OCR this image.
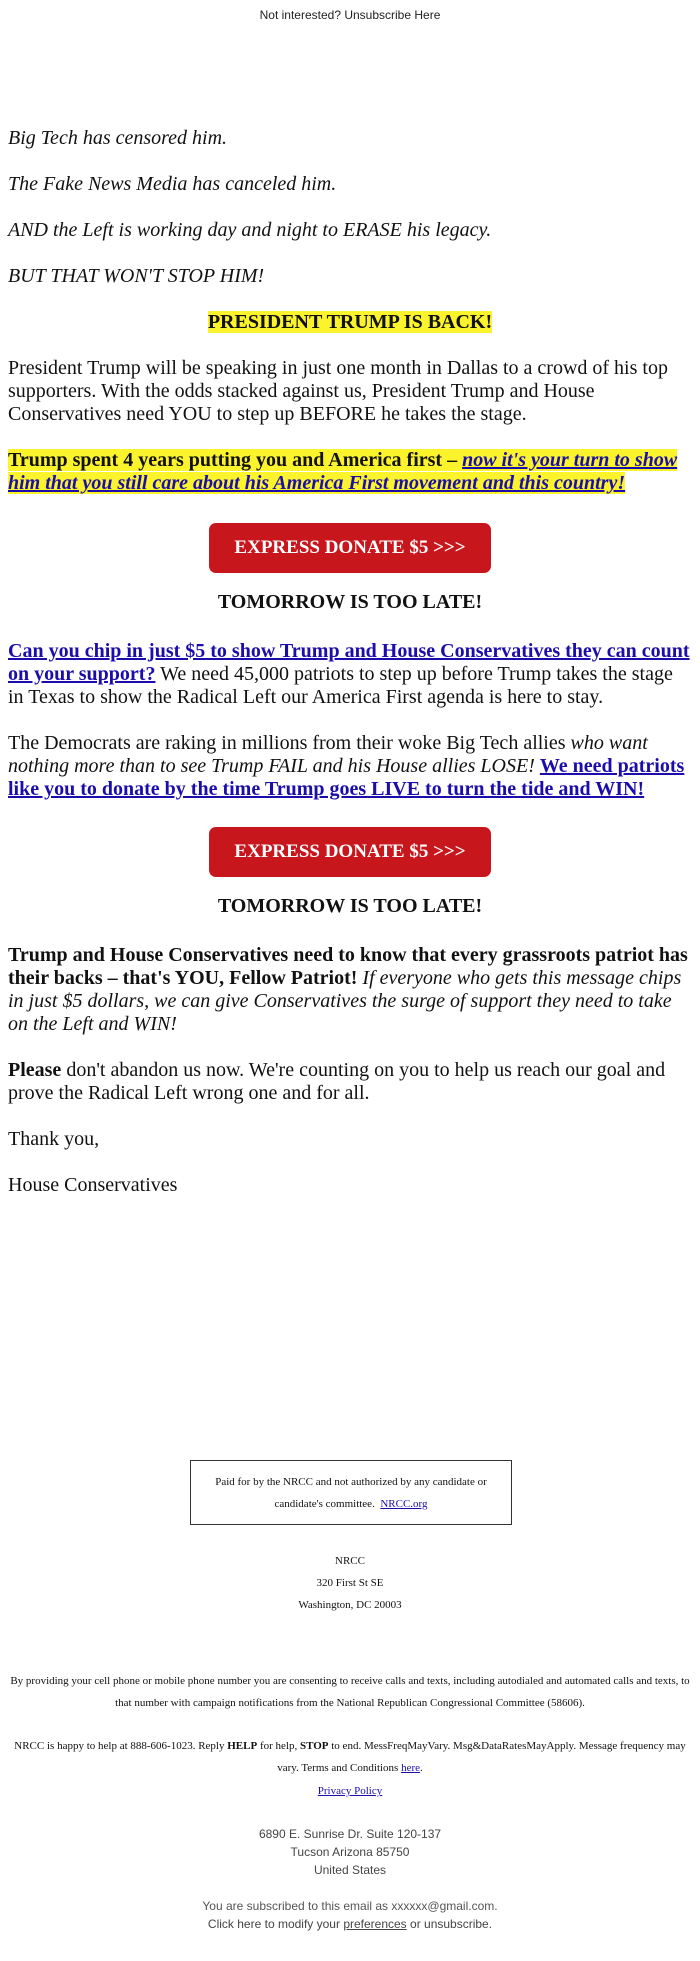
Not interested? Unsubscribe Here

Big Tech has censored him.

The Fake News Media has canceled him.

AND the Left is working day and night to ERASE his legacy.

BUT THAT WON'T STOP HIM!

PRESIDENT TRUMP IS BACK!

President Trump will be speaking in just one month in Dallas to a crowd of his top supporters. With the odds stacked against us, President Trump and House Conservatives need YOU to step up BEFORE he takes the stage.

Trump spent 4 years putting you and America first – now it's your turn to show him that you still care about his America First movement and this country!

EXPRESS DONATE $5 >>>

TOMORROW IS TOO LATE!

Can you chip in just $5 to show Trump and House Conservatives they can count on your support? We need 45,000 patriots to step up before Trump takes the stage in Texas to show the Radical Left our America First agenda is here to stay.

The Democrats are raking in millions from their woke Big Tech allies who want nothing more than to see Trump FAIL and his House allies LOSE! We need patriots like you to donate by the time Trump goes LIVE to turn the tide and WIN!

EXPRESS DONATE $5 >>>

TOMORROW IS TOO LATE!

Trump and House Conservatives need to know that every grassroots patriot has their backs – that's YOU, Fellow Patriot! If everyone who gets this message chips in just $5 dollars, we can give Conservatives the surge of support they need to take on the Left and WIN!

Please don't abandon us now. We're counting on you to help us reach our goal and prove the Radical Left wrong one and for all.

Thank you,

House Conservatives

Paid for by the NRCC and not authorized by any candidate or candidate's committee. NRCC.org
NRCC
320 First St SE
Washington, DC 20003
By providing your cell phone or mobile phone number you are consenting to receive calls and texts, including autodialed and automated calls and texts, to that number with campaign notifications from the National Republican Congressional Committee (58606).
NRCC is happy to help at 888-606-1023. Reply HELP for help, STOP to end. MessFreqMayVary. Msg&DataRatesMayApply. Message frequency may vary. Terms and Conditions here.
Privacy Policy
6890 E. Sunrise Dr. Suite 120-137
Tucson Arizona 85750
United States
You are subscribed to this email as xxxxxx@gmail.com.
Click here to modify your preferences or unsubscribe.
